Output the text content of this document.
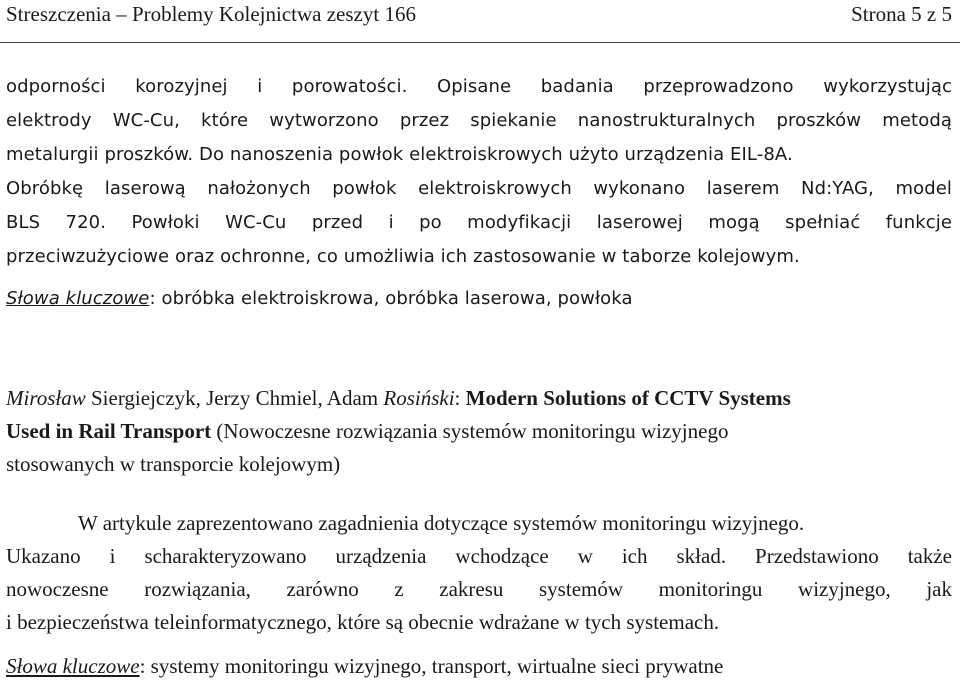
Streszczenia – Problemy Kolejnictwa zeszyt 166	Strona 5 z 5
odporności korozyjnej i porowatości. Opisane badania przeprowadzono wykorzystując
elektrody WC-Cu, które wytworzono przez spiekanie nanostrukturalnych proszków metodą
metalurgii proszków. Do nanoszenia powłok elektroiskrowych użyto urządzenia EIL-8A.
Obróbkę laserową nałożonych powłok elektroiskrowych wykonano laserem Nd:YAG, model
BLS 720. Powłoki WC-Cu przed i po modyfikacji laserowej mogą spełniać funkcje
przeciwzużyciowe oraz ochronne, co umożliwia ich zastosowanie w taborze kolejowym.
Słowa kluczowe: obróbka elektroiskrowa, obróbka laserowa, powłoka
Mirosław Siergiejczyk, Jerzy Chmiel, Adam Rosiński: Modern Solutions of CCTV Systems
Used in Rail Transport (Nowoczesne rozwiązania systemów monitoringu wizyjnego
stosowanych w transporcie kolejowym)
W artykule zaprezentowano zagadnienia dotyczące systemów monitoringu wizyjnego.
Ukazano i scharakteryzowano urządzenia wchodzące w ich skład. Przedstawiono także
nowoczesne rozwiązania, zarówno z zakresu systemów monitoringu wizyjnego, jak
i bezpieczeństwa teleinformatycznego, które są obecnie wdrażane w tych systemach.
Słowa kluczowe: systemy monitoringu wizyjnego, transport, wirtualne sieci prywatne
